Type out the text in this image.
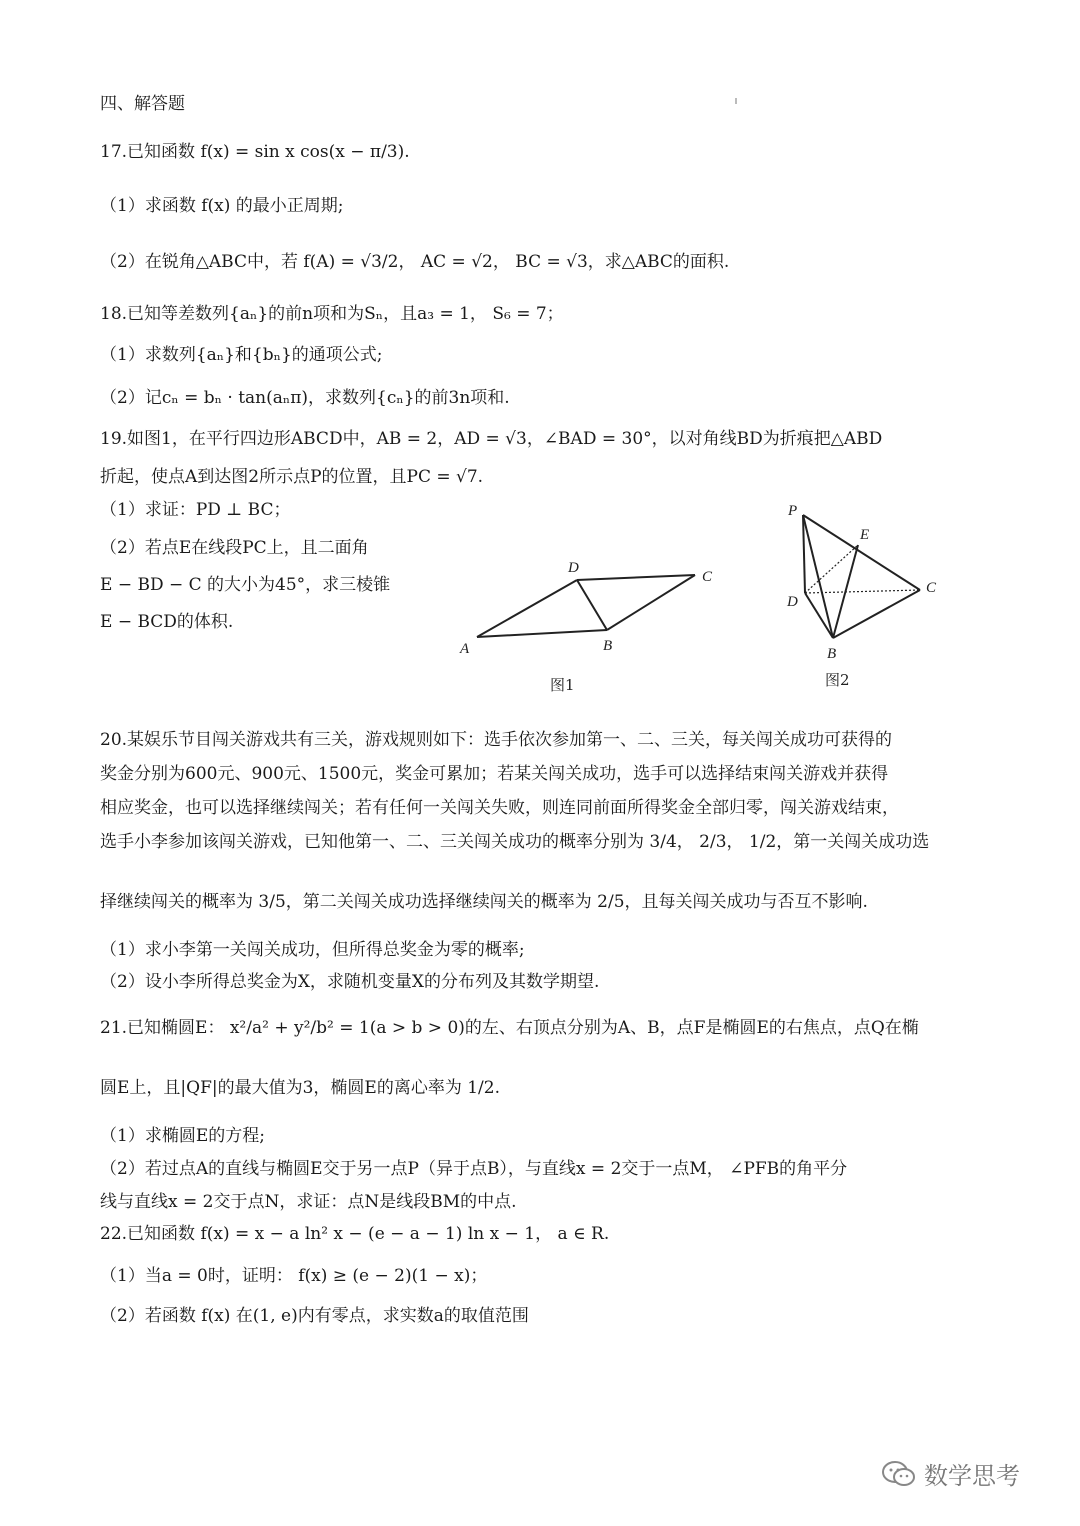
四、解答题
17.已知函数 f(x) = sin x cos(x − π/3).
（1）求函数 f(x) 的最小正周期;
（2）在锐角△ABC中，若 f(A) = √3/2， AC = √2， BC = √3，求△ABC的面积.
18.已知等差数列{aₙ}的前n项和为Sₙ，且a₃ = 1， S₆ = 7；
（1）求数列{aₙ}和{bₙ}的通项公式;
（2）记cₙ = bₙ · tan(aₙπ)，求数列{cₙ}的前3n项和.
19.如图1，在平行四边形ABCD中，AB = 2，AD = √3，∠BAD = 30°，以对角线BD为折痕把△ABD
折起，使点A到达图2所示点P的位置，且PC = √7.
（1）求证：PD ⊥ BC；
（2）若点E在线段PC上，且二面角
E − BD − C 的大小为45°，求三棱锥
E − BCD的体积.
A	B
C
D
图1
P
E
C
D
B
图2
20.某娱乐节目闯关游戏共有三关，游戏规则如下：选手依次参加第一、二、三关，每关闯关成功可获得的
奖金分别为600元、900元、1500元，奖金可累加；若某关闯关成功，选手可以选择结束闯关游戏并获得
相应奖金，也可以选择继续闯关；若有任何一关闯关失败，则连同前面所得奖金全部归零，闯关游戏结束，
选手小李参加该闯关游戏，已知他第一、二、三关闯关成功的概率分别为 3/4， 2/3， 1/2，第一关闯关成功选
择继续闯关的概率为 3/5，第二关闯关成功选择继续闯关的概率为 2/5，且每关闯关成功与否互不影响.
（1）求小李第一关闯关成功，但所得总奖金为零的概率;
（2）设小李所得总奖金为X，求随机变量X的分布列及其数学期望.
21.已知椭圆E： x²/a² + y²/b² = 1(a > b > 0)的左、右顶点分别为A、B，点F是椭圆E的右焦点，点Q在椭
圆E上，且|QF|的最大值为3，椭圆E的离心率为 1/2.
（1）求椭圆E的方程;
（2）若过点A的直线与椭圆E交于另一点P（异于点B），与直线x = 2交于一点M， ∠PFB的角平分
线与直线x = 2交于点N，求证：点N是线段BM的中点.
22.已知函数 f(x) = x − a ln² x − (e − a − 1) ln x − 1， a ∈ R.
（1）当a = 0时，证明： f(x) ≥ (e − 2)(1 − x)；
（2）若函数 f(x) 在(1, e)内有零点，求实数a的取值范围
数学思考
